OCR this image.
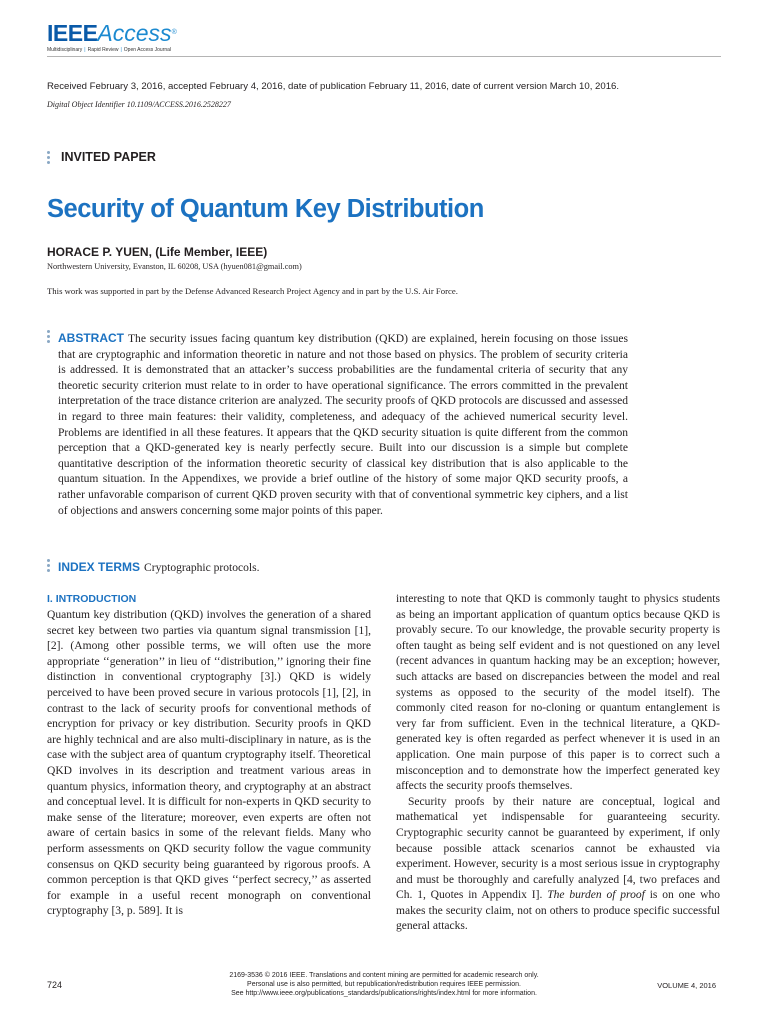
IEEEAccess®
Multidisciplinary | Rapid Review | Open Access Journal
Received February 3, 2016, accepted February 4, 2016, date of publication February 11, 2016, date of current version March 10, 2016.
Digital Object Identifier 10.1109/ACCESS.2016.2528227
INVITED PAPER
Security of Quantum Key Distribution
HORACE P. YUEN, (Life Member, IEEE)
Northwestern University, Evanston, IL 60208, USA (hyuen081@gmail.com)
This work was supported in part by the Defense Advanced Research Project Agency and in part by the U.S. Air Force.
ABSTRACT The security issues facing quantum key distribution (QKD) are explained, herein focusing on those issues that are cryptographic and information theoretic in nature and not those based on physics. The problem of security criteria is addressed. It is demonstrated that an attacker’s success probabilities are the fundamental criteria of security that any theoretic security criterion must relate to in order to have operational significance. The errors committed in the prevalent interpretation of the trace distance criterion are analyzed. The security proofs of QKD protocols are discussed and assessed in regard to three main features: their validity, completeness, and adequacy of the achieved numerical security level. Problems are identified in all these features. It appears that the QKD security situation is quite different from the common perception that a QKD-generated key is nearly perfectly secure. Built into our discussion is a simple but complete quantitative description of the information theoretic security of classical key distribution that is also applicable to the quantum situation. In the Appendixes, we provide a brief outline of the history of some major QKD security proofs, a rather unfavorable comparison of current QKD proven security with that of conventional symmetric key ciphers, and a list of objections and answers concerning some major points of this paper.
INDEX TERMS Cryptographic protocols.
I. INTRODUCTION

Quantum key distribution (QKD) involves the generation of a shared secret key between two parties via quantum signal transmission [1], [2]. (Among other possible terms, we will often use the more appropriate ‘‘generation’’ in lieu of ‘‘distribution,’’ ignoring their fine distinction in conventional cryptography [3].) QKD is widely perceived to have been proved secure in various protocols [1], [2], in contrast to the lack of security proofs for conventional methods of encryption for privacy or key distribution. Security proofs in QKD are highly technical and are also multi-disciplinary in nature, as is the case with the subject area of quantum cryptography itself. Theoretical QKD involves in its description and treatment various areas in quantum physics, information theory, and cryptography at an abstract and conceptual level. It is difficult for non-experts in QKD security to make sense of the literature; moreover, even experts are often not aware of certain basics in some of the relevant fields. Many who perform assessments on QKD security follow the vague community consensus on QKD security being guaranteed by rigorous proofs. A common perception is that QKD gives ‘‘perfect secrecy,’’ as asserted for example in a useful recent monograph on conventional cryptography [3, p. 589]. It is

interesting to note that QKD is commonly taught to physics students as being an important application of quantum optics because QKD is provably secure. To our knowledge, the provable security property is often taught as being self evident and is not questioned on any level (recent advances in quantum hacking may be an exception; however, such attacks are based on discrepancies between the model and real systems as opposed to the security of the model itself). The commonly cited reason for no-cloning or quantum entanglement is very far from sufficient. Even in the technical literature, a QKD-generated key is often regarded as perfect whenever it is used in an application. One main purpose of this paper is to correct such a misconception and to demonstrate how the imperfect generated key affects the security proofs themselves.

Security proofs by their nature are conceptual, logical and mathematical yet indispensable for guaranteeing security. Cryptographic security cannot be guaranteed by experiment, if only because possible attack scenarios cannot be exhausted via experiment. However, security is a most serious issue in cryptography and must be thoroughly and carefully analyzed [4, two prefaces and Ch. 1, Quotes in Appendix I]. The burden of proof is on one who makes the security claim, not on others to produce specific successful general attacks.

724
2169-3536 © 2016 IEEE. Translations and content mining are permitted for academic research only.
Personal use is also permitted, but republication/redistribution requires IEEE permission.
See http://www.ieee.org/publications_standards/publications/rights/index.html for more information.
VOLUME 4, 2016
